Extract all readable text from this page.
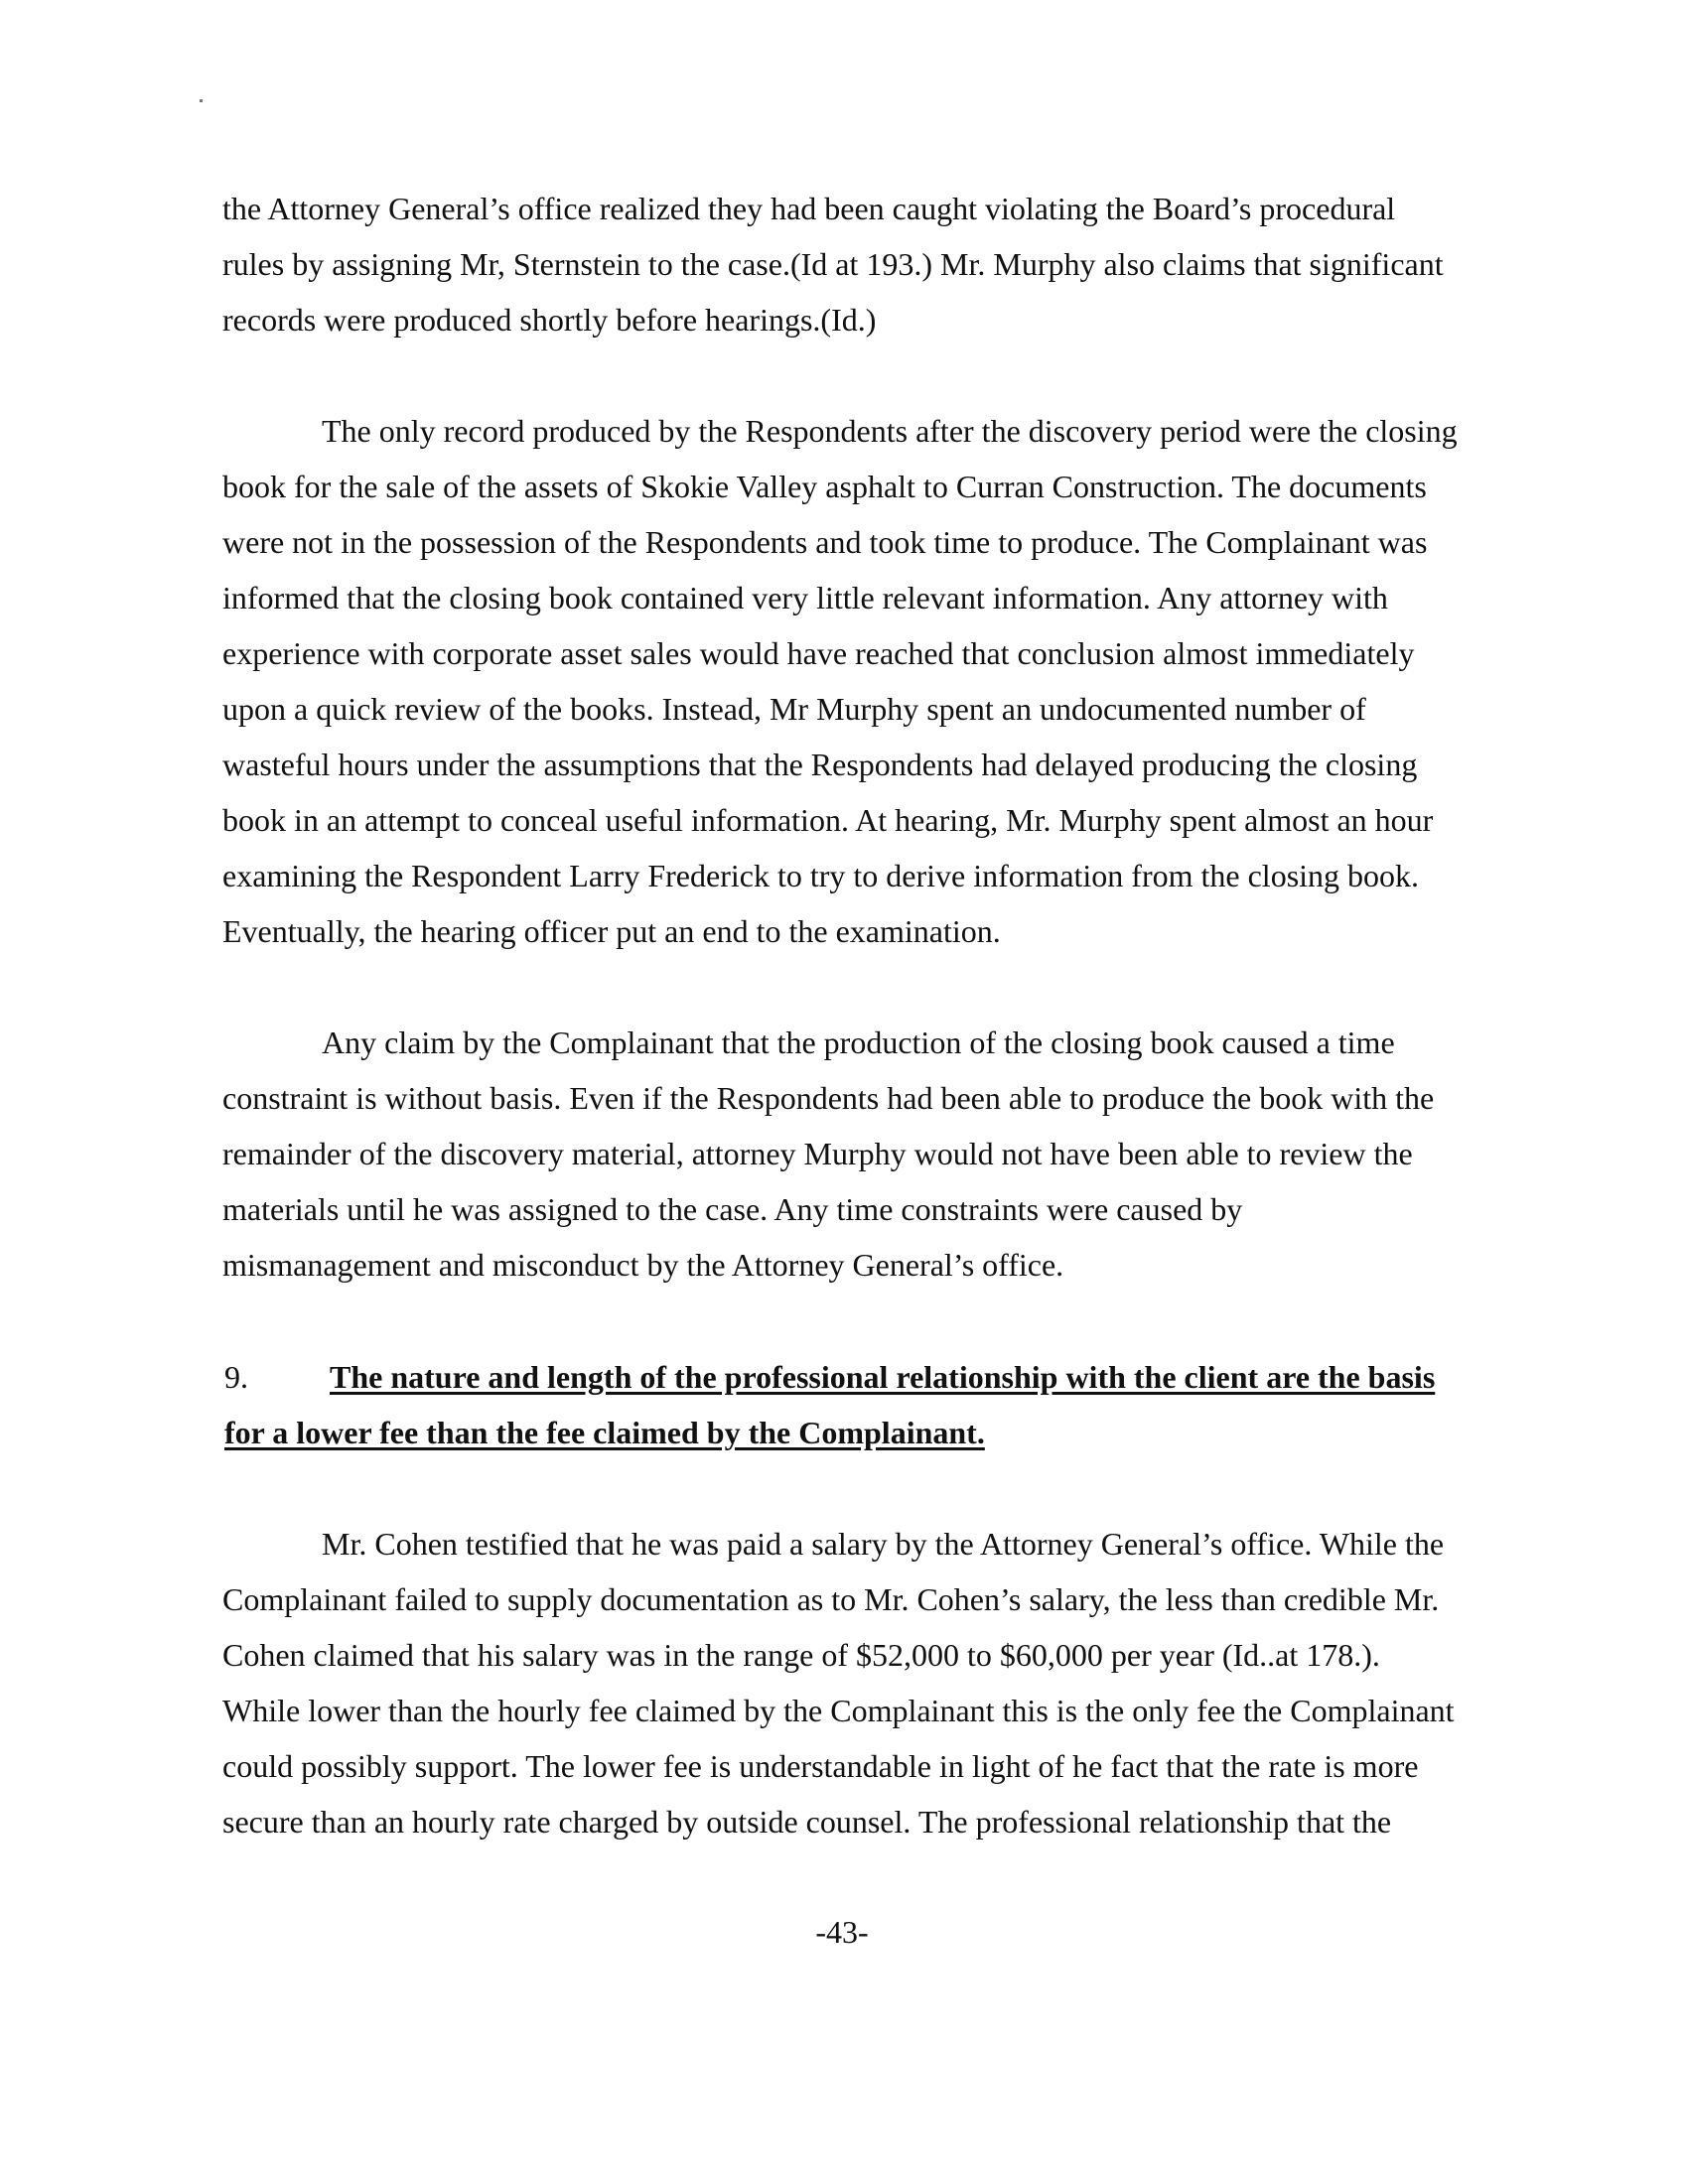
the Attorney General’s office realized they had been caught violating the Board’s procedural
rules by assigning Mr, Sternstein to the case.(Id at 193.) Mr. Murphy also claims that significant
records were produced shortly before hearings.(Id.)
The only record produced by the Respondents after the discovery period were the closing
book for the sale of the assets of Skokie Valley asphalt to Curran Construction. The documents
were not in the possession of the Respondents and took time to produce. The Complainant was
informed that the closing book contained very little relevant information. Any attorney with
experience with corporate asset sales would have reached that conclusion almost immediately
upon a quick review of the books. Instead, Mr Murphy spent an undocumented number of
wasteful hours under the assumptions that the Respondents had delayed producing the closing
book in an attempt to conceal useful information. At hearing, Mr. Murphy spent almost an hour
examining the Respondent Larry Frederick to try to derive information from the closing book.
Eventually, the hearing officer put an end to the examination.
Any claim by the Complainant that the production of the closing book caused a time
constraint is without basis. Even if the Respondents had been able to produce the book with the
remainder of the discovery material, attorney Murphy would not have been able to review the
materials until he was assigned to the case. Any time constraints were caused by
mismanagement and misconduct by the Attorney General’s office.
9.	The nature and length of the professional relationship with the client are the basis
for a lower fee than the fee claimed by the Complainant.
Mr. Cohen testified that he was paid a salary by the Attorney General’s office. While the
Complainant failed to supply documentation as to Mr. Cohen’s salary, the less than credible Mr.
Cohen claimed that his salary was in the range of $52,000 to $60,000 per year (Id..at 178.).
While lower than the hourly fee claimed by the Complainant this is the only fee the Complainant
could possibly support. The lower fee is understandable in light of he fact that the rate is more
secure than an hourly rate charged by outside counsel. The professional relationship that the
-43-
